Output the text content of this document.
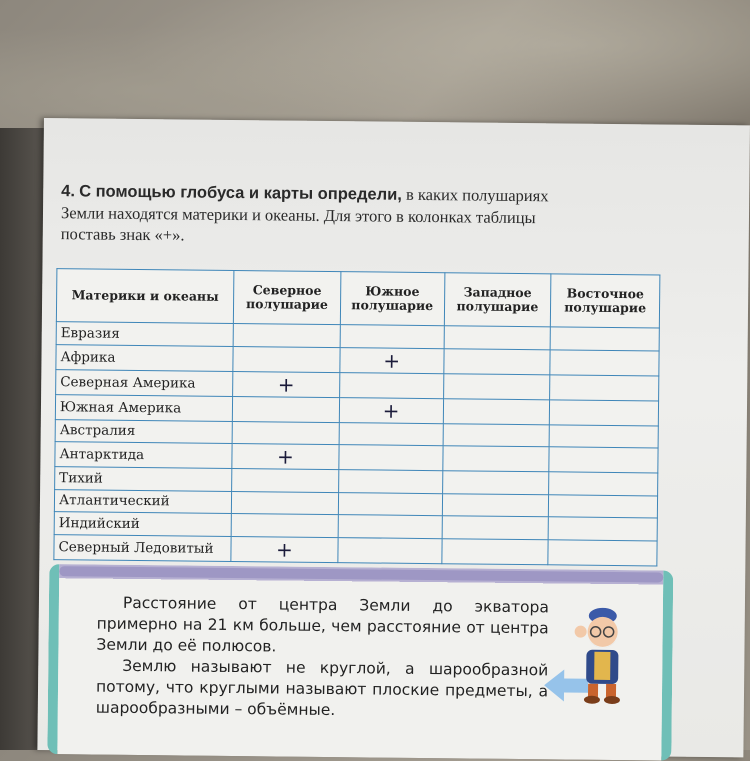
4. С помощью глобуса и карты определи, в каких полушариях
Земли находятся материки и океаны. Для этого в колонках таблицы
поставь знак «+».
Материки и океаны	Северное полушарие	Южное полушарие	Западное полушарие	Восточное полушарие
Евразия				
Африка		+		
Северная Америка	+			
Южная Америка		+		
Австралия				
Антарктида	+			
Тихий				
Атлантический				
Индийский				
Северный Ледовитый	+			

Расстояние от центра Земли до экватора примерно на 21 км больше, чем расстояние от центра Земли до её полюсов.

Землю называют не круглой, а шарообразной потому, что круглыми называют плоские предметы, а шарообразными – объёмные.
